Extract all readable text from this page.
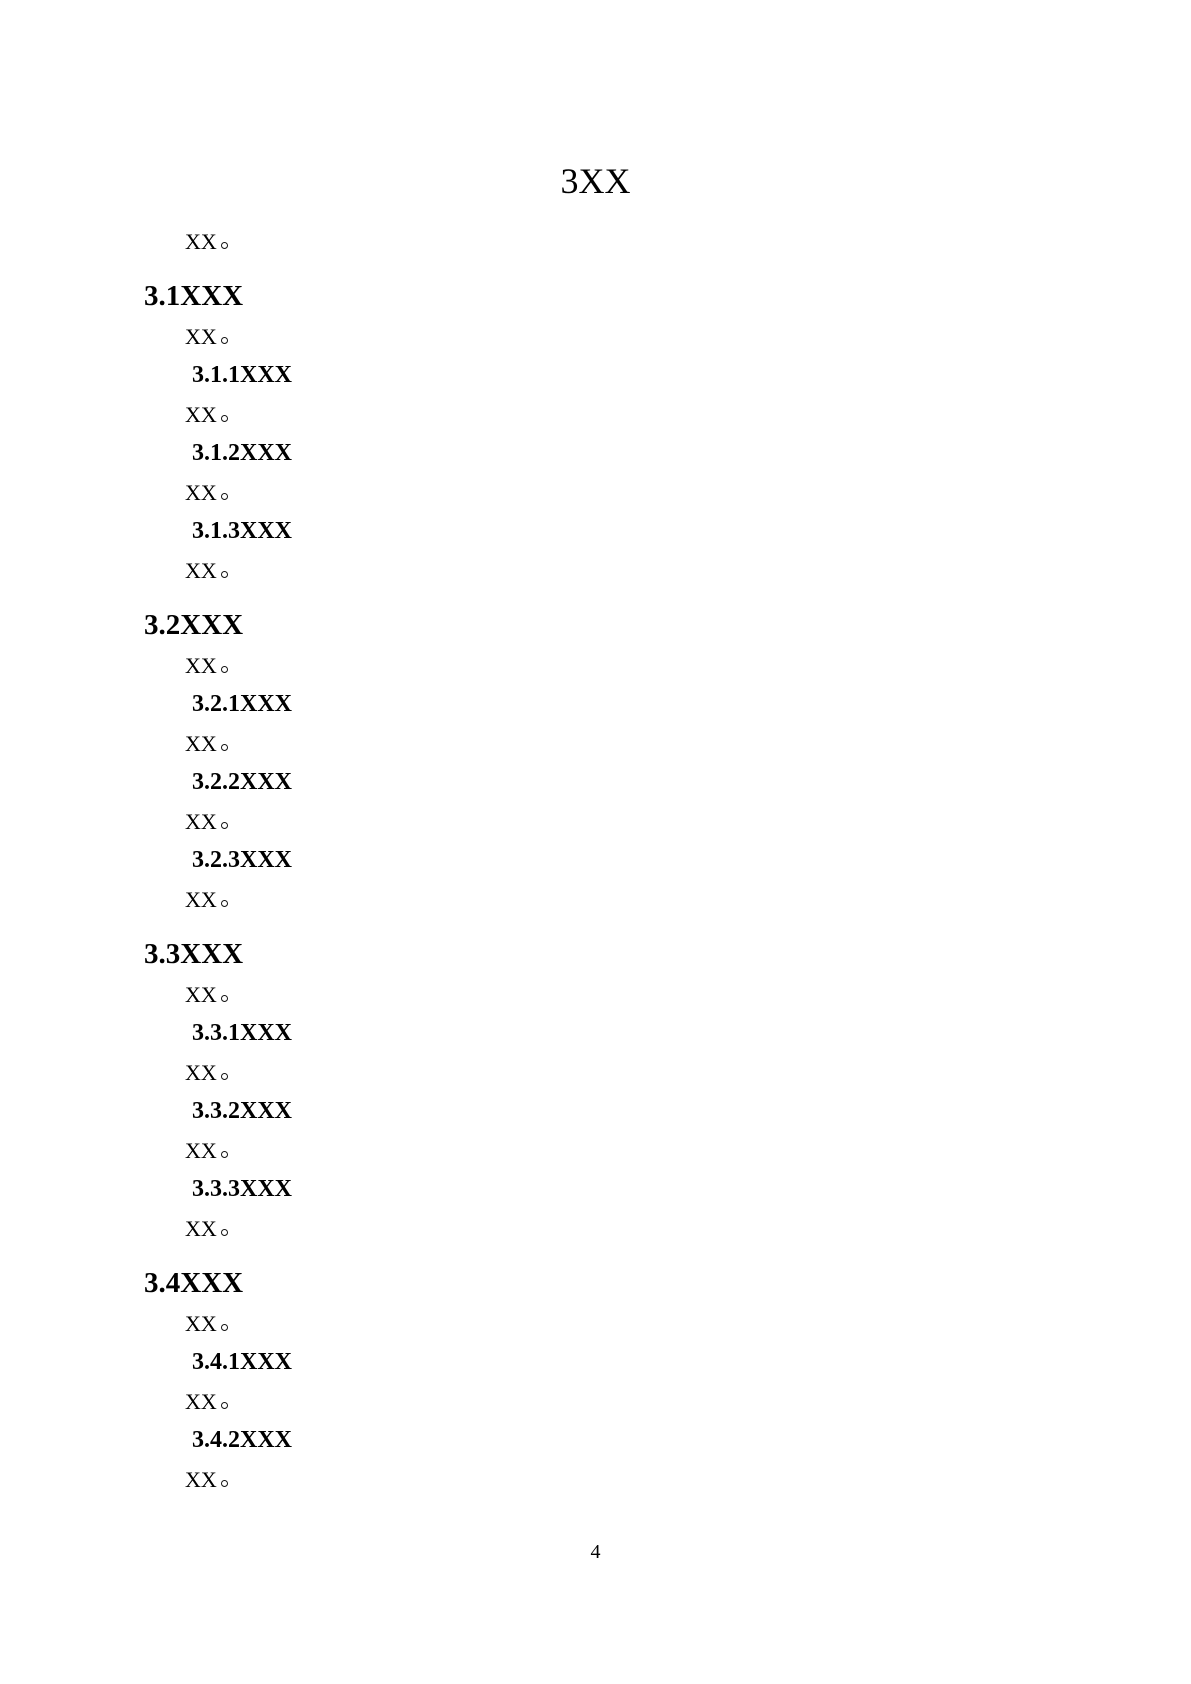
3XX

XX

3.1XXX

XX

3.1.1XXX

XX

3.1.2XXX

XX

3.1.3XXX

XX

3.2XXX

XX

3.2.1XXX

XX

3.2.2XXX

XX

3.2.3XXX

XX

3.3XXX

XX

3.3.1XXX

XX

3.3.2XXX

XX

3.3.3XXX

XX

3.4XXX

XX

3.4.1XXX

XX

3.4.2XXX

XX

4
